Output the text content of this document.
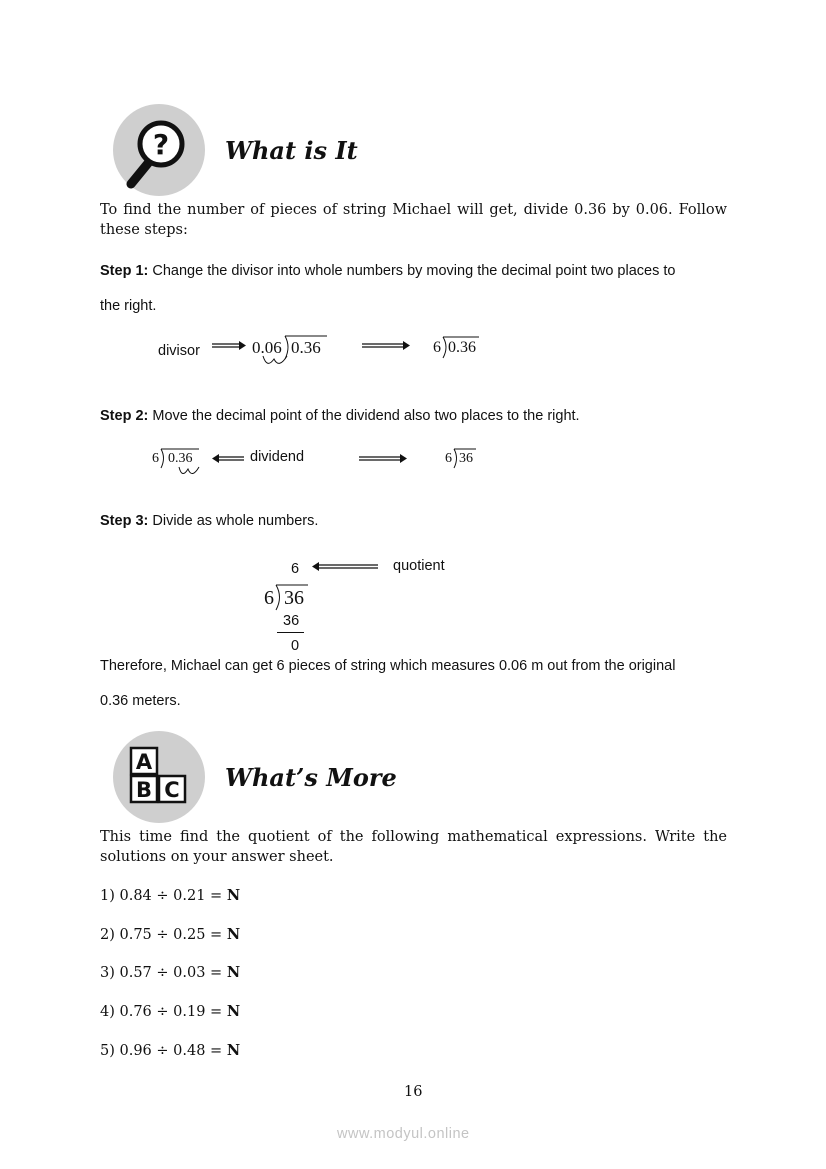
? What is It
To find the number of pieces of string Michael will get, divide 0.36 by 0.06. Follow these steps:
Step 1: Change the divisor into whole numbers by moving the decimal point two places to
the right.
divisor	0.06 0.36	6 0.36
Step 2: Move the decimal point of the dividend also two places to the right.
6 0.36	dividend	6 36
Step 3: Divide as whole numbers.
6	quotient
6 36
36
0
Therefore, Michael can get 6 pieces of string which measures 0.06 m out from the original
0.36 meters.
A
B C What’s More
This time find the quotient of the following mathematical expressions. Write the solutions on your answer sheet.
1) 0.84 ÷ 0.21 = N
2) 0.75 ÷ 0.25 = N
3) 0.57 ÷ 0.03 = N
4) 0.76 ÷ 0.19 = N
5) 0.96 ÷ 0.48 = N
16
www.modyul.online
